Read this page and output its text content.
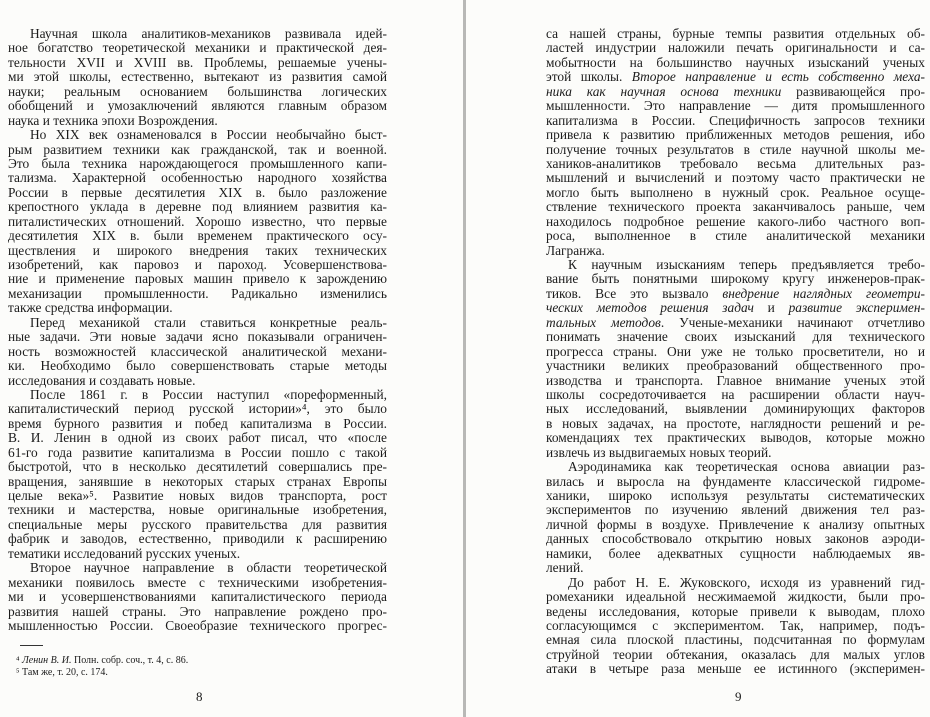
Научная школа аналитиков-механиков развивала идей-
ное богатство теоретической механики и практической дея-
тельности XVII и XVIII вв. Проблемы, решаемые учены-
ми этой школы, естественно, вытекают из развития самой
науки; реальным основанием большинства логических
обобщений и умозаключений являются главным образом
наука и техника эпохи Возрождения.
Но XIX век ознаменовался в России необычайно быст-
рым развитием техники как гражданской, так и военной.
Это была техника нарождающегося промышленного капи-
тализма. Характерной особенностью народного хозяйства
России в первые десятилетия XIX в. было разложение
крепостного уклада в деревне под влиянием развития ка-
питалистических отношений. Хорошо известно, что первые
десятилетия XIX в. были временем практического осу-
ществления и широкого внедрения таких технических
изобретений, как паровоз и пароход. Усовершенствова-
ние и применение паровых машин привело к зарождению
механизации промышленности. Радикально изменились
также средства информации.
Перед механикой стали ставиться конкретные реаль-
ные задачи. Эти новые задачи ясно показывали ограничен-
ность возможностей классической аналитической механи-
ки. Необходимо было совершенствовать старые методы
исследования и создавать новые.
После 1861 г. в России наступил «пореформенный,
капиталистический период русской истории»⁴, это было
время бурного развития и побед капитализма в России.
В. И. Ленин в одной из своих работ писал, что «после
61-го года развитие капитализма в России пошло с такой
быстротой, что в несколько десятилетий совершались пре-
вращения, занявшие в некоторых старых странах Европы
целые века»⁵. Развитие новых видов транспорта, рост
техники и мастерства, новые оригинальные изобретения,
специальные меры русского правительства для развития
фабрик и заводов, естественно, приводили к расширению
тематики исследований русских ученых.
Второе научное направление в области теоретической
механики появилось вместе с техническими изобретения-
ми и усовершенствованиями капиталистического периода
развития нашей страны. Это направление рождено про-
мышленностью России. Своеобразие технического прогрес-
⁴ Ленин В. И. Полн. собр. соч., т. 4, с. 86.
⁵ Там же, т. 20, с. 174.
8
са нашей страны, бурные темпы развития отдельных об-
ластей индустрии наложили печать оригинальности и са-
мобытности на большинство научных изысканий ученых
этой школы. Второе направление и есть собственно меха-
ника как научная основа техники развивающейся про-
мышленности. Это направление — дитя промышленного
капитализма в России. Специфичность запросов техники
привела к развитию приближенных методов решения, ибо
получение точных результатов в стиле научной школы ме-
хаников-аналитиков требовало весьма длительных раз-
мышлений и вычислений и поэтому часто практически не
могло быть выполнено в нужный срок. Реальное осуще-
ствление технического проекта заканчивалось раньше, чем
находилось подробное решение какого-либо частного воп-
роса, выполненное в стиле аналитической механики
Лагранжа.
К научным изысканиям теперь предъявляется требо-
вание быть понятными широкому кругу инженеров-прак-
тиков. Все это вызвало внедрение наглядных геометри-
ческих методов решения задач и развитие эксперимен-
тальных методов. Ученые-механики начинают отчетливо
понимать значение своих изысканий для технического
прогресса страны. Они уже не только просветители, но и
участники великих преобразований общественного про-
изводства и транспорта. Главное внимание ученых этой
школы сосредоточивается на расширении области науч-
ных исследований, выявлении доминирующих факторов
в новых задачах, на простоте, наглядности решений и ре-
комендациях тех практических выводов, которые можно
извлечь из выдвигаемых новых теорий.
Аэродинамика как теоретическая основа авиации раз-
вилась и выросла на фундаменте классической гидроме-
ханики, широко используя результаты систематических
экспериментов по изучению явлений движения тел раз-
личной формы в воздухе. Привлечение к анализу опытных
данных способствовало открытию новых законов аэроди-
намики, более адекватных сущности наблюдаемых яв-
лений.
До работ Н. Е. Жуковского, исходя из уравнений гид-
ромеханики идеальной несжимаемой жидкости, были про-
ведены исследования, которые привели к выводам, плохо
согласующимся с экспериментом. Так, например, подъ-
емная сила плоской пластины, подсчитанная по формулам
струйной теории обтекания, оказалась для малых углов
атаки в четыре раза меньше ее истинного (эксперимен-
9
